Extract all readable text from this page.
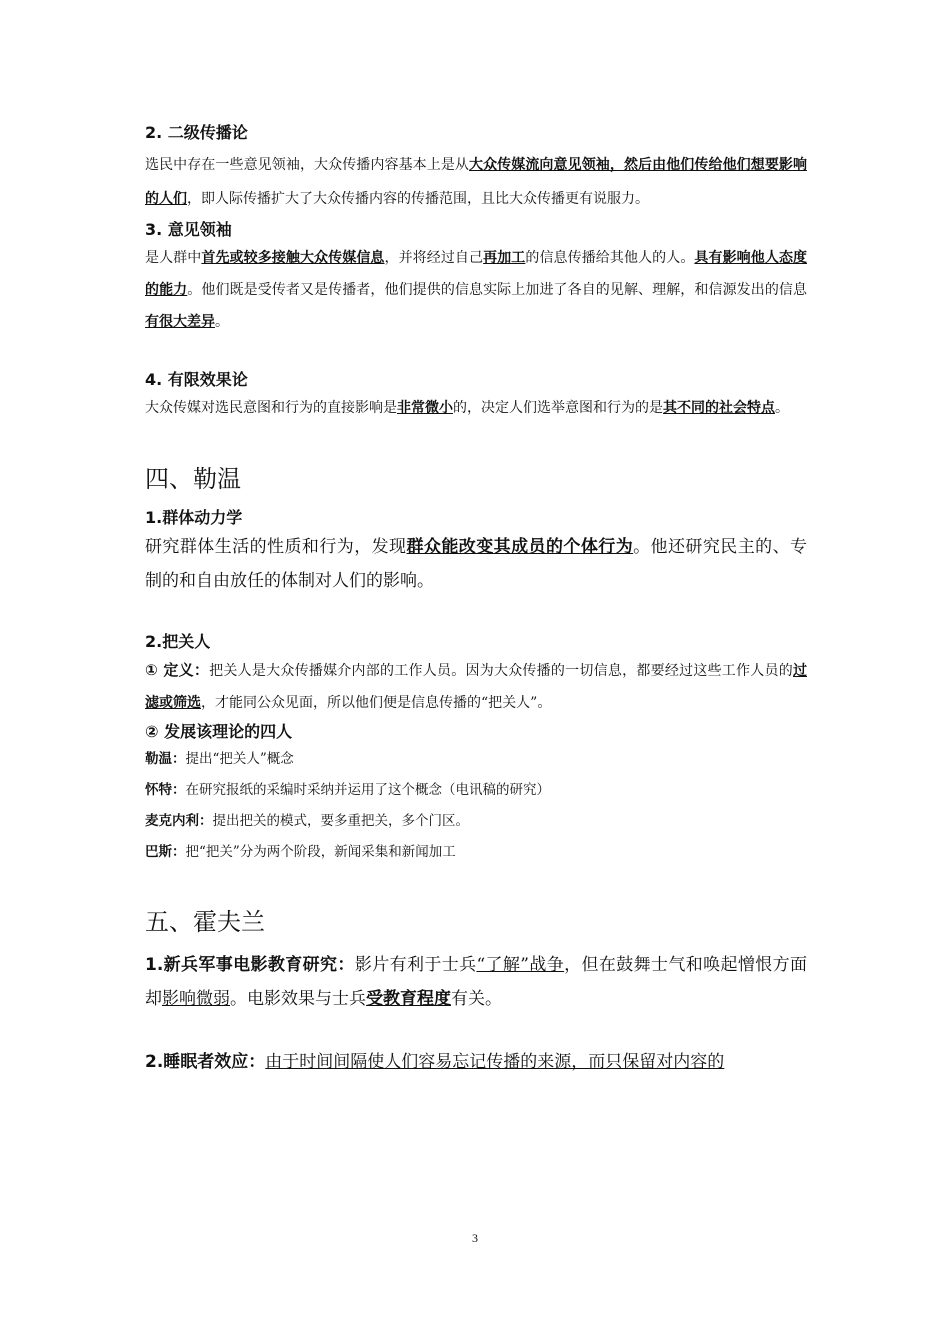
2. 二级传播论

选民中存在一些意见领袖，大众传播内容基本上是从大众传媒流向意见领袖，然后由他们传给他们想要影响的人们，即人际传播扩大了大众传播内容的传播范围，且比大众传播更有说服力。

3. 意见领袖

是人群中首先或较多接触大众传媒信息，并将经过自己再加工的信息传播给其他人的人。具有影响他人态度的能力。他们既是受传者又是传播者，他们提供的信息实际上加进了各自的见解、理解，和信源发出的信息有很大差异。

4. 有限效果论

大众传媒对选民意图和行为的直接影响是非常微小的，决定人们选举意图和行为的是其不同的社会特点。

四、勒温
1.群体动力学

研究群体生活的性质和行为，发现群众能改变其成员的个体行为。他还研究民主的、专制的和自由放任的体制对人们的影响。

2.把关人

① 定义：把关人是大众传播媒介内部的工作人员。因为大众传播的一切信息，都要经过这些工作人员的过滤或筛选，才能同公众见面，所以他们便是信息传播的“把关人”。

② 发展该理论的四人

勒温：提出“把关人”概念

怀特：在研究报纸的采编时采纳并运用了这个概念（电讯稿的研究）

麦克内利：提出把关的模式，要多重把关，多个门区。

巴斯：把“把关”分为两个阶段，新闻采集和新闻加工

五、霍夫兰

1.新兵军事电影教育研究：影片有利于士兵“了解”战争，但在鼓舞士气和唤起憎恨方面却影响微弱。电影效果与士兵受教育程度有关。

2.睡眠者效应：由于时间间隔使人们容易忘记传播的来源，而只保留对内容的

3
